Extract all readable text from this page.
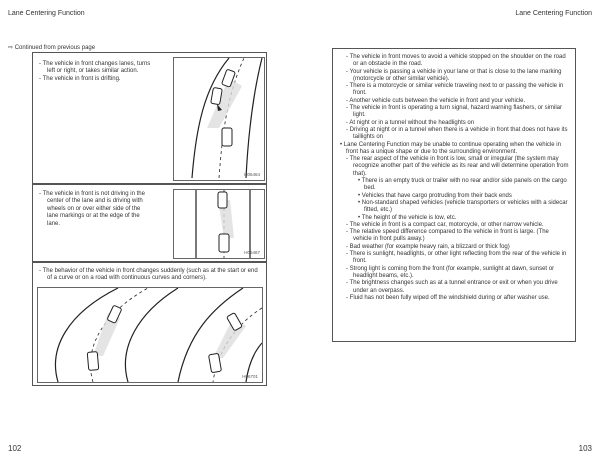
Lane Centering Function	Lane Centering Function
⇨ Continued from previous page
- The vehicle in front changes lanes, turns left or right, or takes similar action.
- The vehicle in front is drifting.
H06464
- The vehicle in front is not driving in the center of the lane and is driving with wheels on or over either side of the lane markings or at the edge of the lane.
H06467
- The behavior of the vehicle in front changes suddenly (such as at the start or end of a curve or on a road with continuous curves and corners).
H06701
- The vehicle in front moves to avoid a vehicle stopped on the shoulder on the road or an obstacle in the road.
- Your vehicle is passing a vehicle in your lane or that is close to the lane marking (motorcycle or other similar vehicle).
- There is a motorcycle or similar vehicle traveling next to or passing the vehicle in front.
- Another vehicle cuts between the vehicle in front and your vehicle.
- The vehicle in front is operating a turn signal, hazard warning flashers, or similar light.
- At night or in a tunnel without the headlights on
- Driving at night or in a tunnel when there is a vehicle in front that does not have its taillights on
• Lane Centering Function may be unable to continue operating when the vehicle in front has a unique shape or due to the surrounding environment.
- The rear aspect of the vehicle in front is low, small or irregular (the system may recognize another part of the vehicle as its rear and will determine operation from that).
• There is an empty truck or trailer with no rear and/or side panels on the cargo bed.
• Vehicles that have cargo protruding from their back ends
• Non-standard shaped vehicles (vehicle transporters or vehicles with a sidecar fitted, etc.)
• The height of the vehicle is low, etc.
- The vehicle in front is a compact car, motorcycle, or other narrow vehicle.
- The relative speed difference compared to the vehicle in front is large. (The vehicle in front pulls away.)
- Bad weather (for example heavy rain, a blizzard or thick fog)
- There is sunlight, headlights, or other light reflecting from the rear of the vehicle in front.
- Strong light is coming from the front (for example, sunlight at dawn, sunset or headlight beams, etc.).
- The brightness changes such as at a tunnel entrance or exit or when you drive under an overpass.
- Fluid has not been fully wiped off the windshield during or after washer use.
102	103
